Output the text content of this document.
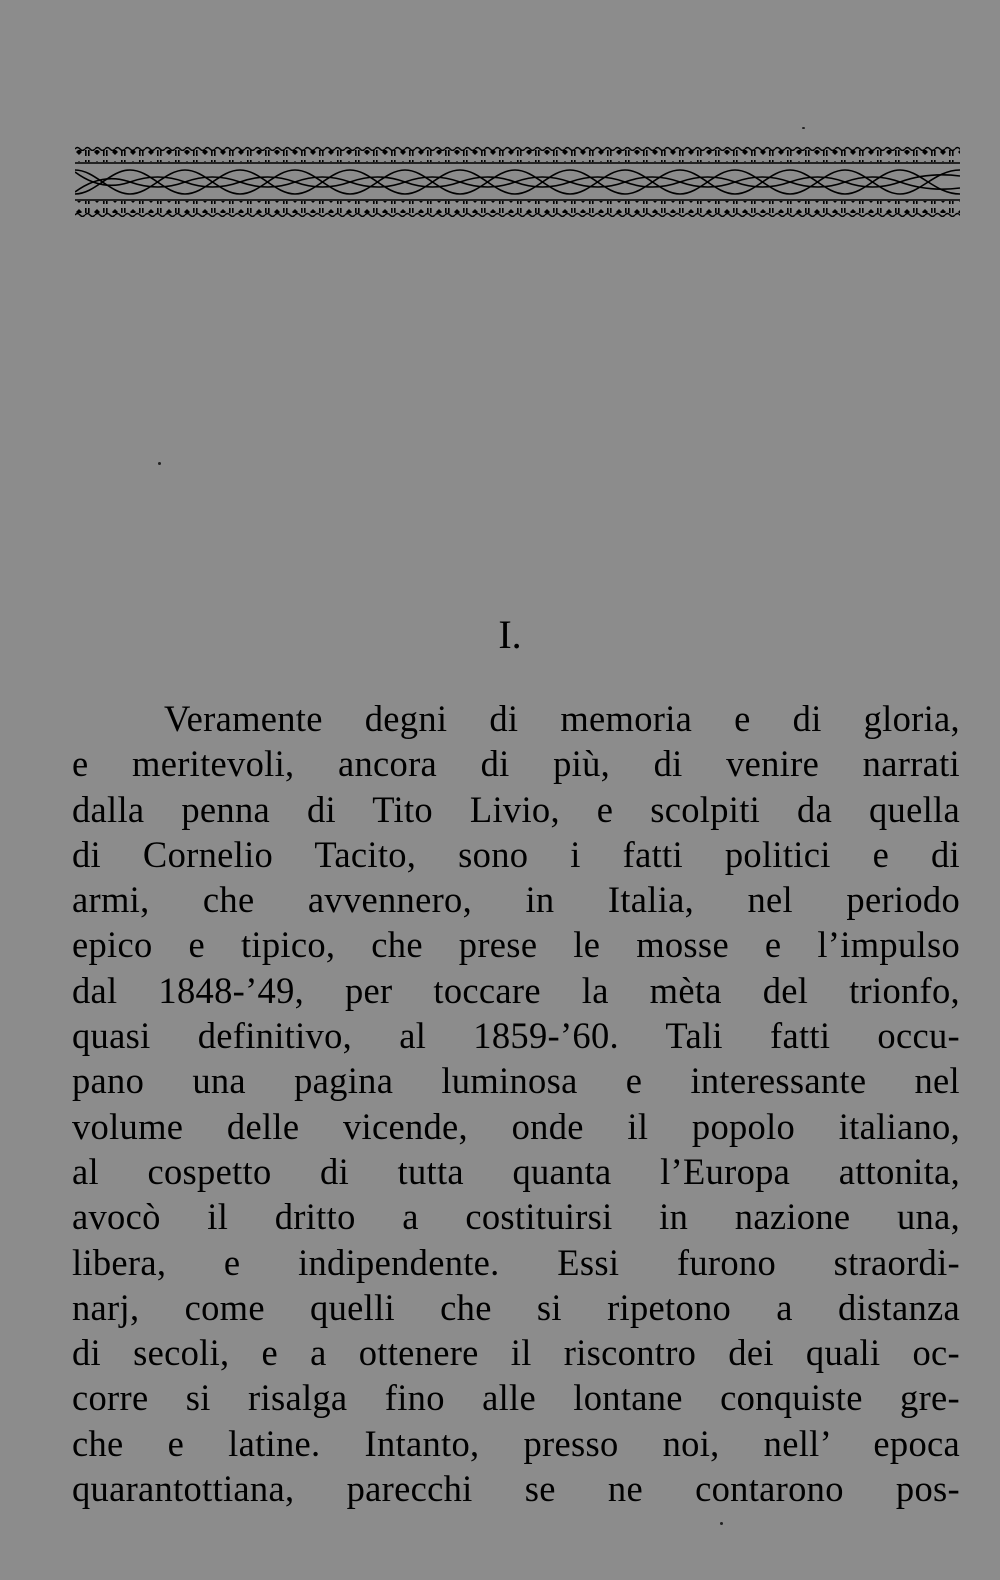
I.
Veramente degni di memoria e di gloria,
e meritevoli, ancora di più, di venire narrati
dalla penna di Tito Livio, e scolpiti da quella
di Cornelio Tacito, sono i fatti politici e di
armi, che avvennero, in Italia, nel periodo
epico e tipico, che prese le mosse e l’impulso
dal 1848-’49, per toccare la mèta del trionfo,
quasi definitivo, al 1859-’60. Tali fatti occu-
pano una pagina luminosa e interessante nel
volume delle vicende, onde il popolo italiano,
al cospetto di tutta quanta l’Europa attonita,
avocò il dritto a costituirsi in nazione una,
libera, e indipendente. Essi furono straordi-
narj, come quelli che si ripetono a distanza
di secoli, e a ottenere il riscontro dei quali oc-
corre si risalga fino alle lontane conquiste gre-
che e latine. Intanto, presso noi, nell’ epoca
quarantottiana, parecchi se ne contarono pos-
